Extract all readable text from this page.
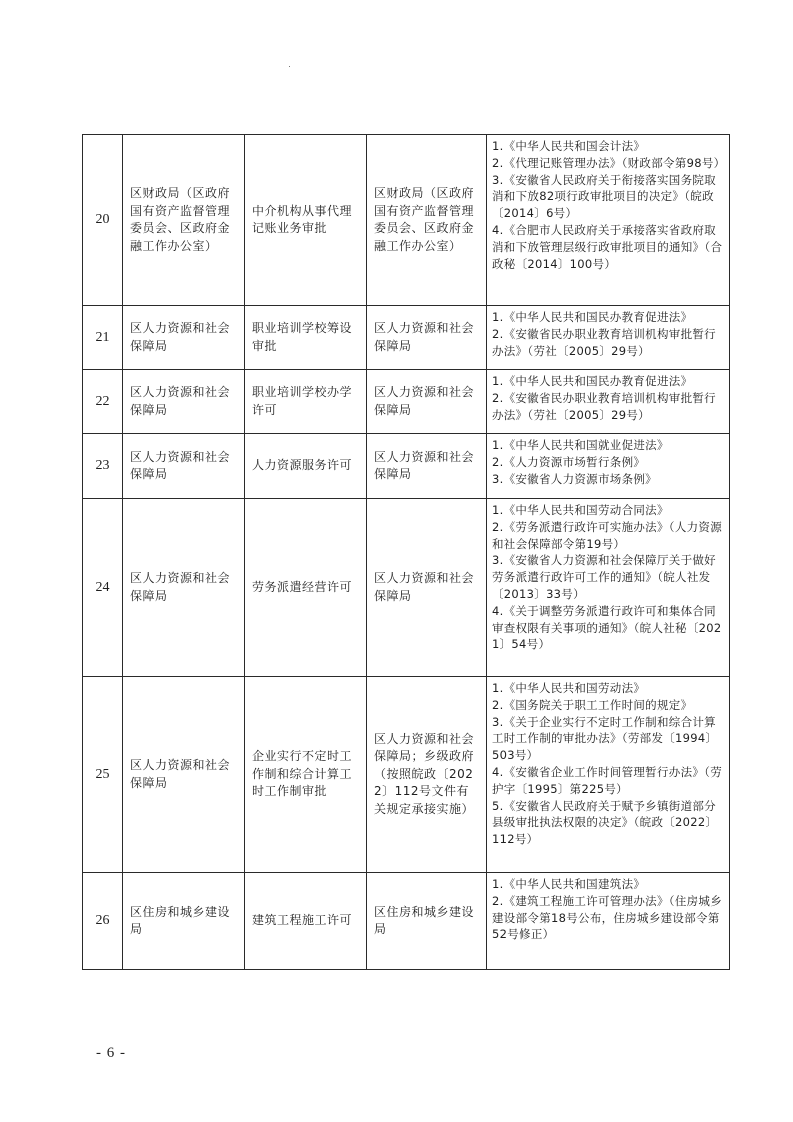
20	区财政局（区政府国有资产监督管理委员会、区政府金融工作办公室）	中介机构从事代理记账业务审批	区财政局（区政府国有资产监督管理委员会、区政府金融工作办公室）	1.《中华人民共和国会计法》
2.《代理记账管理办法》（财政部令第98号）
3.《安徽省人民政府关于衔接落实国务院取消和下放82项行政审批项目的决定》（皖政〔2014〕6号）
4.《合肥市人民政府关于承接落实省政府取消和下放管理层级行政审批项目的通知》（合政秘〔2014〕100号）

21	区人力资源和社会保障局	职业培训学校筹设审批	区人力资源和社会保障局	1.《中华人民共和国民办教育促进法》
2.《安徽省民办职业教育培训机构审批暂行办法》（劳社〔2005〕29号）

22	区人力资源和社会保障局	职业培训学校办学许可	区人力资源和社会保障局	1.《中华人民共和国民办教育促进法》
2.《安徽省民办职业教育培训机构审批暂行办法》（劳社〔2005〕29号）

23	区人力资源和社会保障局	人力资源服务许可	区人力资源和社会保障局	1.《中华人民共和国就业促进法》
2.《人力资源市场暂行条例》
3.《安徽省人力资源市场条例》

24	区人力资源和社会保障局	劳务派遣经营许可	区人力资源和社会保障局	1.《中华人民共和国劳动合同法》
2.《劳务派遣行政许可实施办法》（人力资源和社会保障部令第19号）
3.《安徽省人力资源和社会保障厅关于做好劳务派遣行政许可工作的通知》（皖人社发〔2013〕33号）
4.《关于调整劳务派遣行政许可和集体合同审查权限有关事项的通知》（皖人社秘〔2021〕54号）

25	区人力资源和社会保障局	企业实行不定时工作制和综合计算工时工作制审批	区人力资源和社会保障局；乡级政府（按照皖政〔2022〕112号文件有关规定承接实施）	1.《中华人民共和国劳动法》
2.《国务院关于职工工作时间的规定》
3.《关于企业实行不定时工作制和综合计算工时工作制的审批办法》（劳部发〔1994〕503号）
4.《安徽省企业工作时间管理暂行办法》（劳护字〔1995〕第225号）
5.《安徽省人民政府关于赋予乡镇街道部分县级审批执法权限的决定》（皖政〔2022〕112号）

26	区住房和城乡建设局	建筑工程施工许可	区住房和城乡建设局	1.《中华人民共和国建筑法》
2.《建筑工程施工许可管理办法》（住房城乡建设部令第18号公布，住房城乡建设部令第52号修正）
- 6 -
